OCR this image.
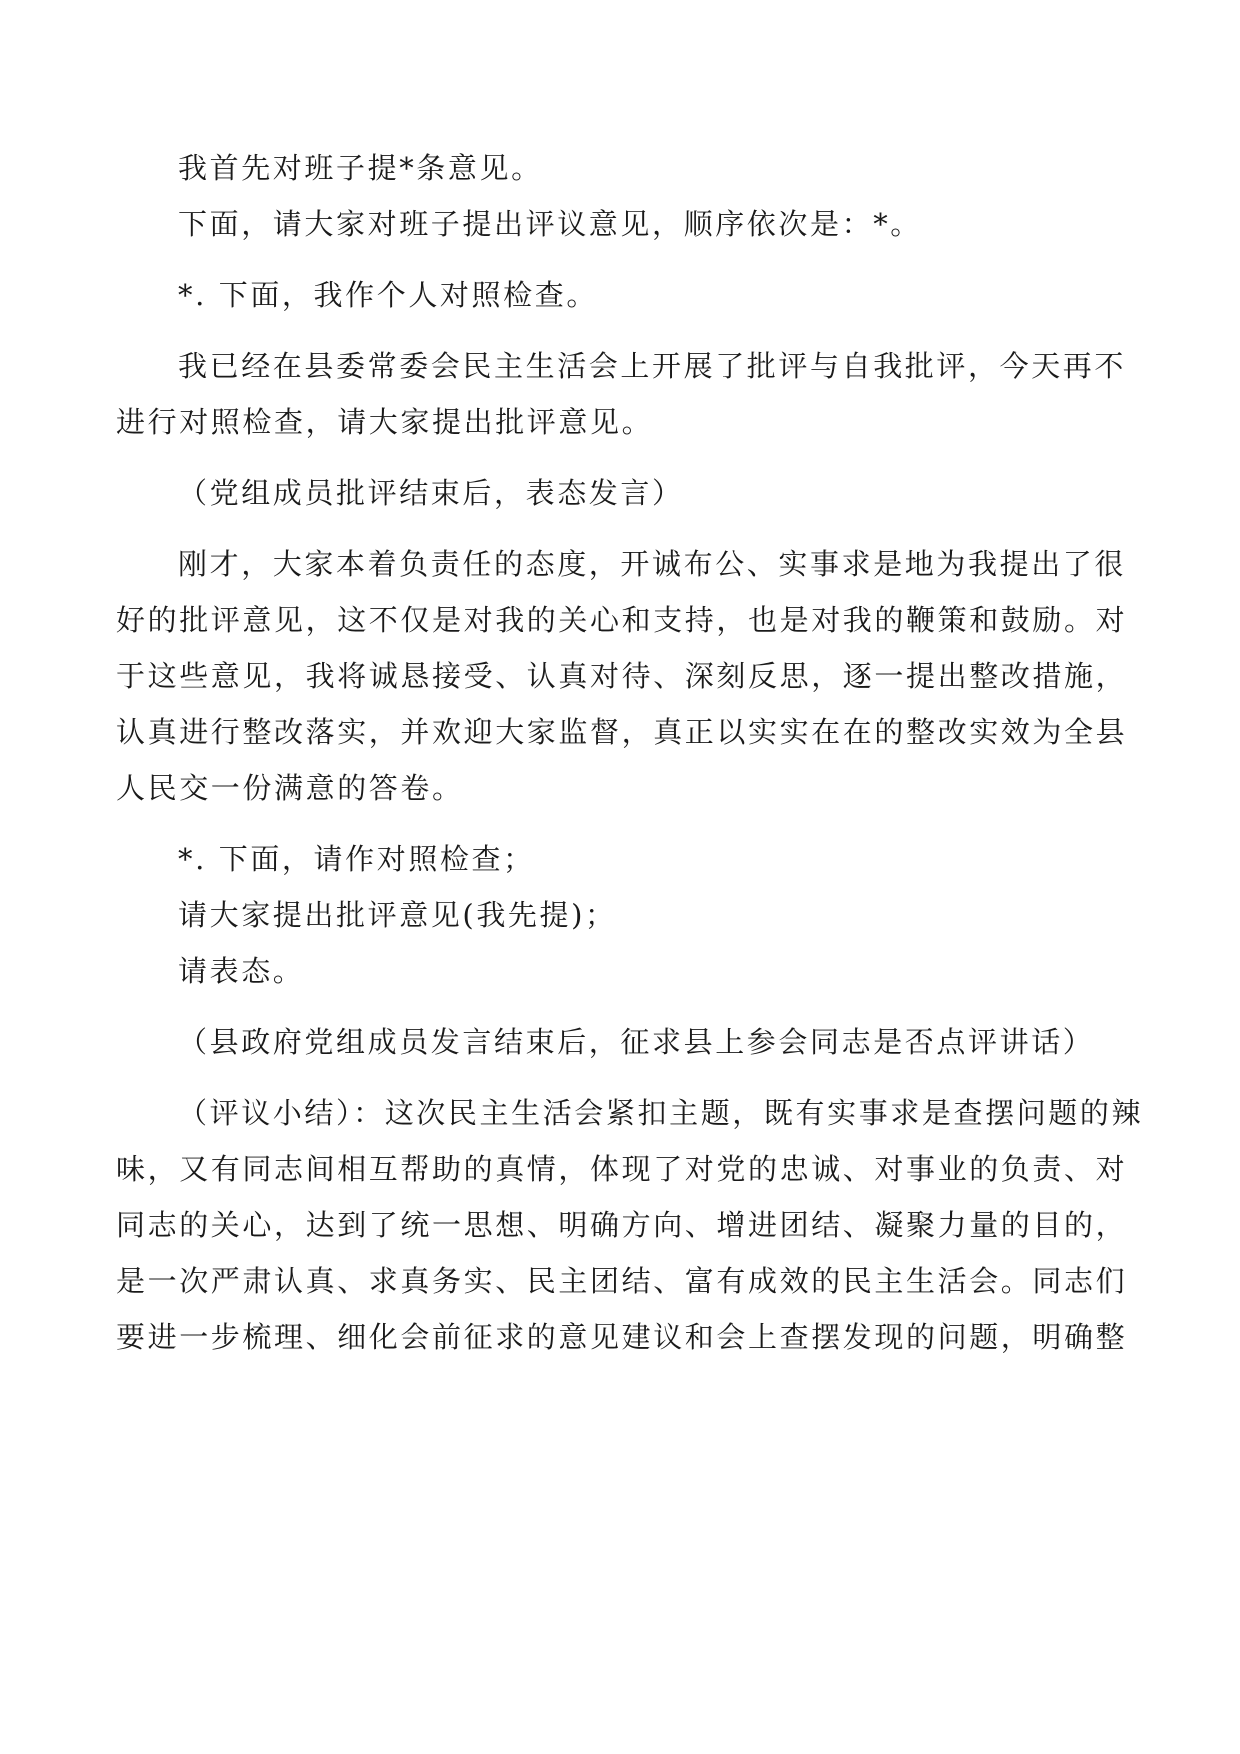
我首先对班子提*条意见。
下面，请大家对班子提出评议意见，顺序依次是：*。
*. 下面，我作个人对照检查。
我已经在县委常委会民主生活会上开展了批评与自我批评，今天再不
进行对照检查，请大家提出批评意见。
（党组成员批评结束后，表态发言）
刚才，大家本着负责任的态度，开诚布公、实事求是地为我提出了很
好的批评意见，这不仅是对我的关心和支持，也是对我的鞭策和鼓励。对
于这些意见，我将诚恳接受、认真对待、深刻反思，逐一提出整改措施，
认真进行整改落实，并欢迎大家监督，真正以实实在在的整改实效为全县
人民交一份满意的答卷。
*. 下面，请作对照检查；
请大家提出批评意见(我先提)；
请表态。
（县政府党组成员发言结束后，征求县上参会同志是否点评讲话）
（评议小结）：这次民主生活会紧扣主题，既有实事求是查摆问题的辣
味，又有同志间相互帮助的真情，体现了对党的忠诚、对事业的负责、对
同志的关心，达到了统一思想、明确方向、增进团结、凝聚力量的目的，
是一次严肃认真、求真务实、民主团结、富有成效的民主生活会。同志们
要进一步梳理、细化会前征求的意见建议和会上查摆发现的问题，明确整
